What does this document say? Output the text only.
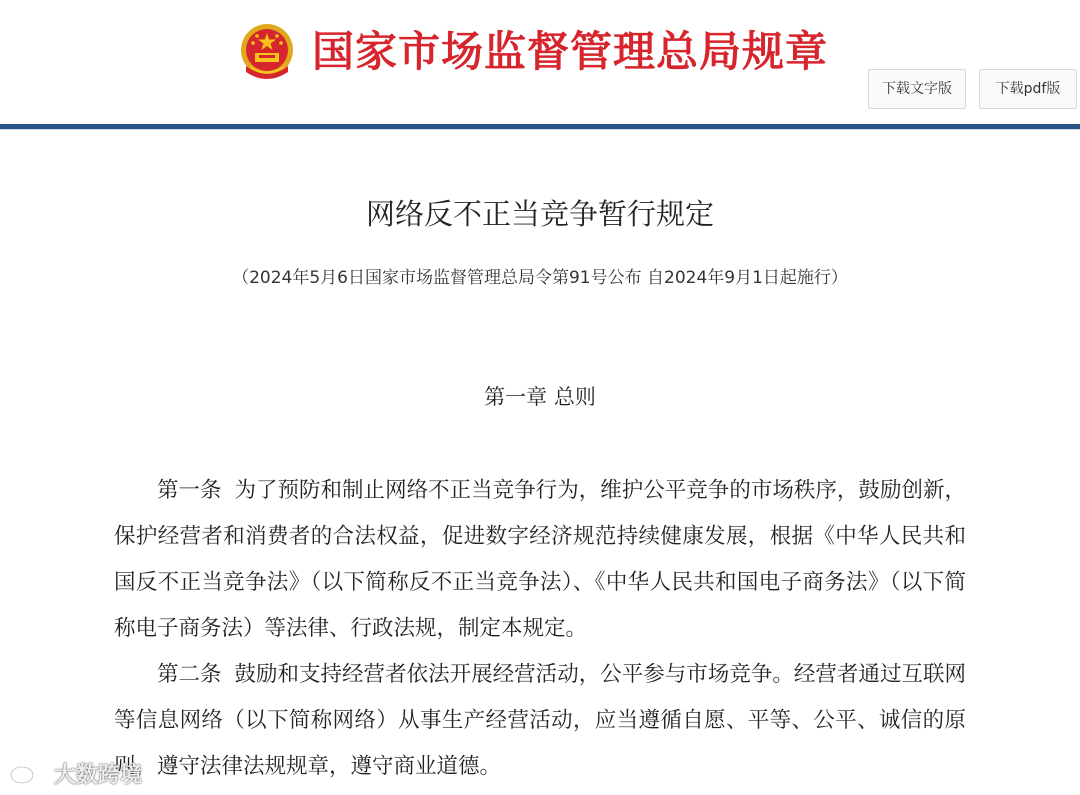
国家市场监督管理总局规章
下载文字版	下载pdf版
网络反不正当竞争暂行规定
（2024年5月6日国家市场监督管理总局令第91号公布 自2024年9月1日起施行）
第一章 总则

第一条 为了预防和制止网络不正当竞争行为，维护公平竞争的市场秩序，鼓励创新，保护经营者和消费者的合法权益，促进数字经济规范持续健康发展，根据《中华人民共和国反不正当竞争法》（以下简称反不正当竞争法）、《中华人民共和国电子商务法》（以下简称电子商务法）等法律、行政法规，制定本规定。

第二条 鼓励和支持经营者依法开展经营活动，公平参与市场竞争。经营者通过互联网等信息网络（以下简称网络）从事生产经营活动，应当遵循自愿、平等、公平、诚信的原则，遵守法律法规规章，遵守商业道德。

大数跨境
